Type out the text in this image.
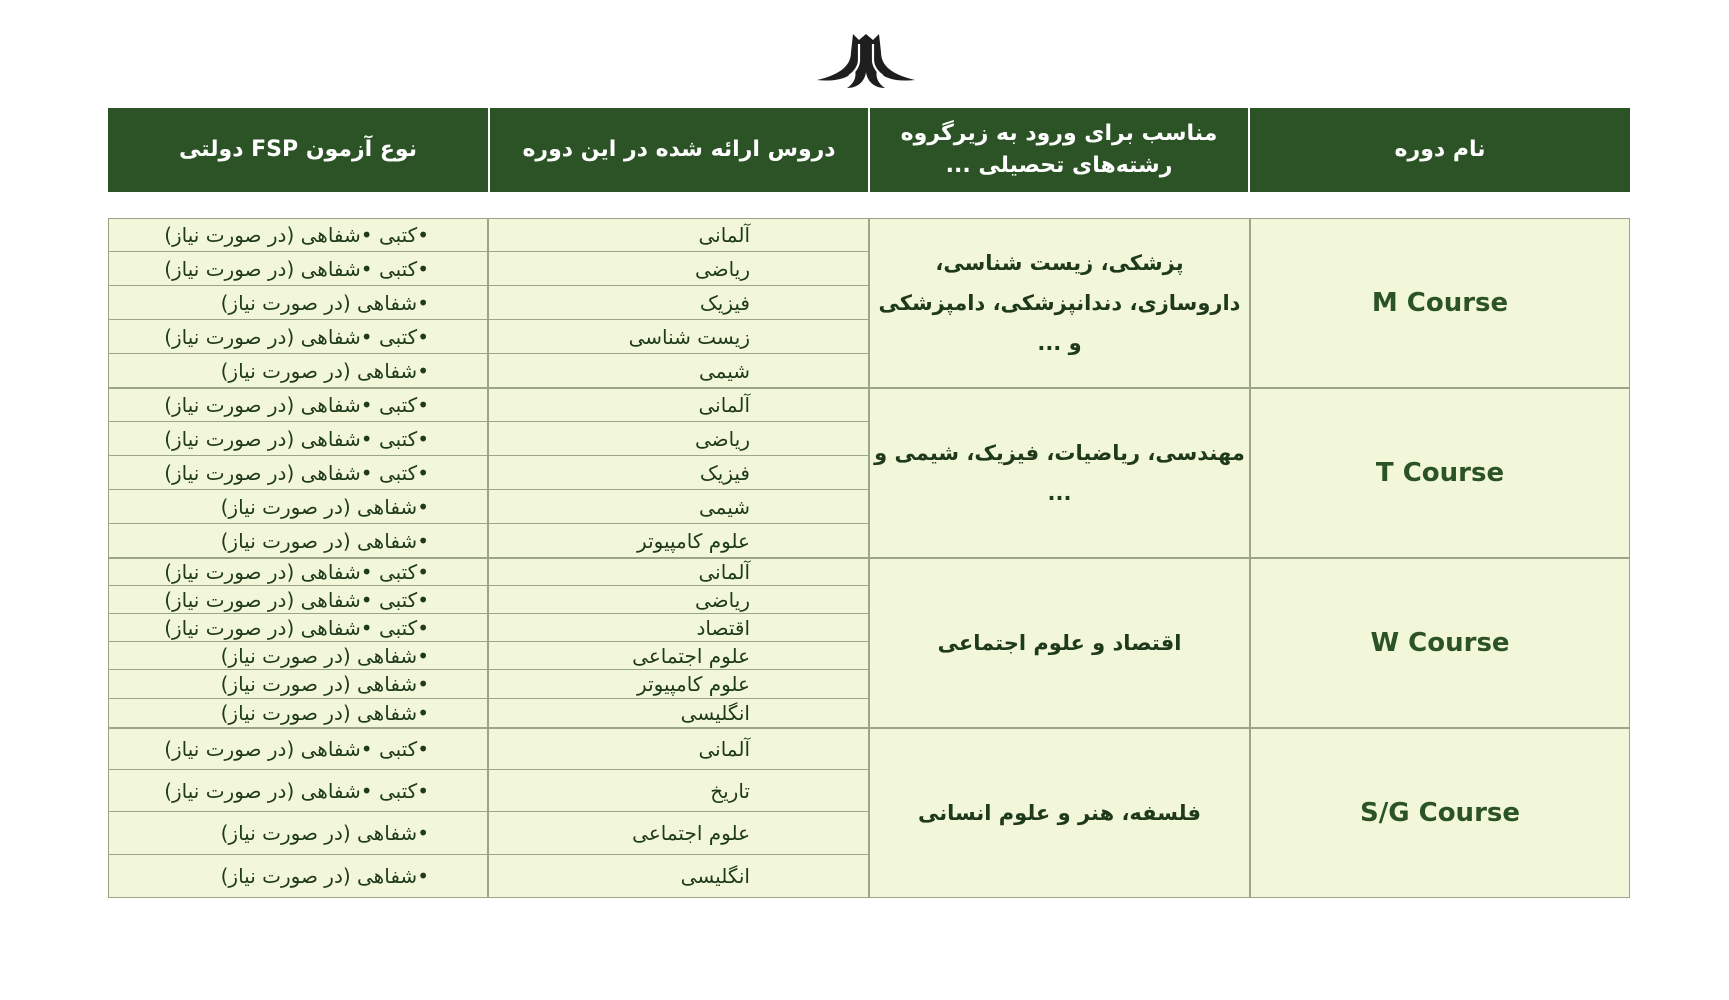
نام دوره
مناسب برای ورود به زیرگروه
رشته‌های تحصیلی ...
دروس ارائه شده در این دوره
نوع آزمون FSP دولتی
M Course
پزشکی، زیست شناسی،
داروسازی، دندانپزشکی، دامپزشکی و ...
آلمانی
•کتبی •شفاهی (در صورت نیاز)
ریاضی
•کتبی •شفاهی (در صورت نیاز)
فیزیک
•شفاهی (در صورت نیاز)
زیست شناسی
•کتبی •شفاهی (در صورت نیاز)
شیمی
•شفاهی (در صورت نیاز)
T Course
مهندسی، ریاضیات، فیزیک، شیمی و ...
آلمانی
•کتبی •شفاهی (در صورت نیاز)
ریاضی
•کتبی •شفاهی (در صورت نیاز)
فیزیک
•کتبی •شفاهی (در صورت نیاز)
شیمی
•شفاهی (در صورت نیاز)
علوم کامپیوتر
•شفاهی (در صورت نیاز)
W Course
اقتصاد و علوم اجتماعی
آلمانی
•کتبی •شفاهی (در صورت نیاز)
ریاضی
•کتبی •شفاهی (در صورت نیاز)
اقتصاد
•کتبی •شفاهی (در صورت نیاز)
علوم اجتماعی
•شفاهی (در صورت نیاز)
علوم کامپیوتر
•شفاهی (در صورت نیاز)
انگلیسی
•شفاهی (در صورت نیاز)
S/G Course
فلسفه، هنر و علوم انسانی
آلمانی
•کتبی •شفاهی (در صورت نیاز)
تاریخ
•کتبی •شفاهی (در صورت نیاز)
علوم اجتماعی
•شفاهی (در صورت نیاز)
انگلیسی
•شفاهی (در صورت نیاز)
